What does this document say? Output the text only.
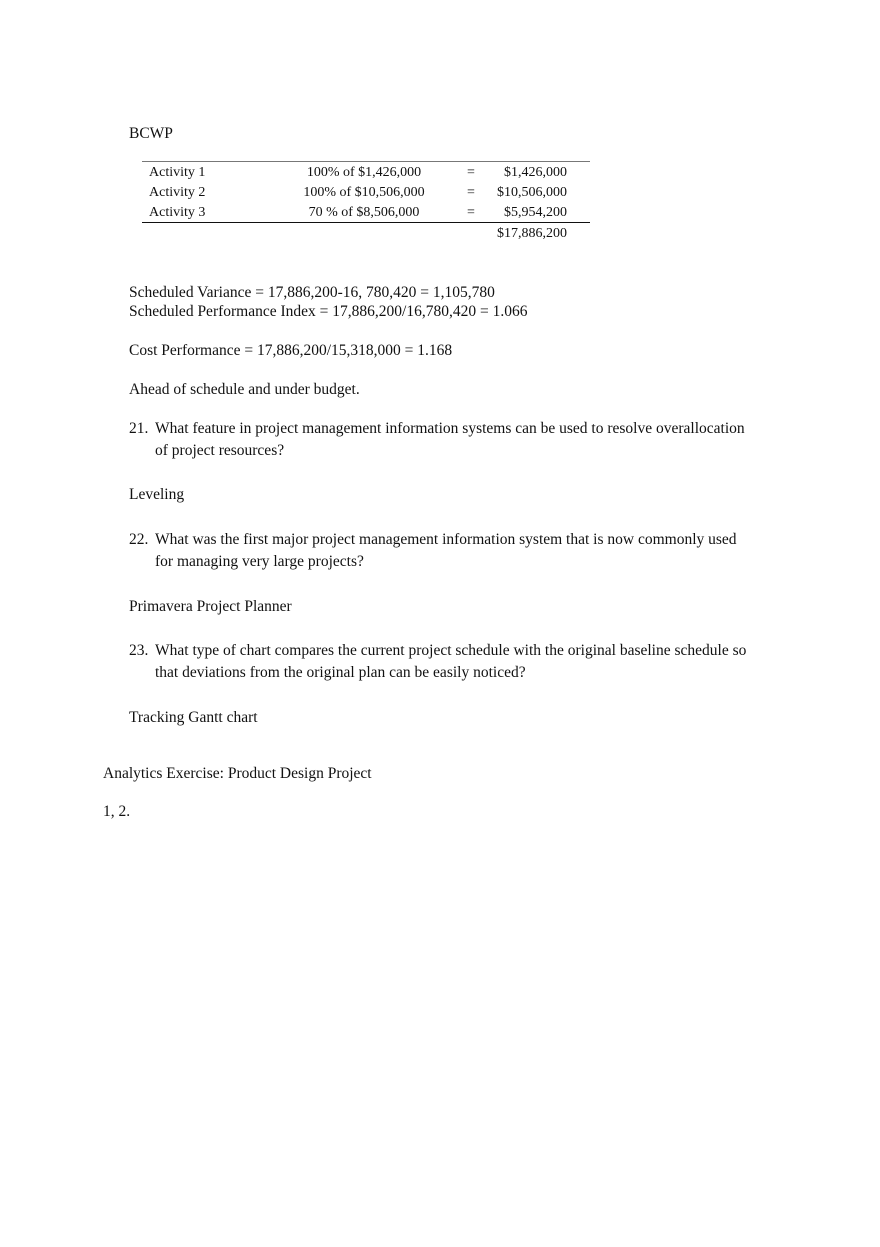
BCWP
Activity 1	100% of $1,426,000	= $1,426,000
Activity 2	100% of $10,506,000	= $10,506,000
Activity 3	70 % of $8,506,000	= $5,954,200
$17,886,200
Scheduled Variance = 17,886,200-16, 780,420 = 1,105,780
Scheduled Performance Index = 17,886,200/16,780,420 = 1.066
Cost Performance = 17,886,200/15,318,000 = 1.168
Ahead of schedule and under budget.
21. What feature in project management information systems can be used to resolve overallocation
of project resources?
Leveling
22. What was the first major project management information system that is now commonly used
for managing very large projects?
Primavera Project Planner
23. What type of chart compares the current project schedule with the original baseline schedule so
that deviations from the original plan can be easily noticed?
Tracking Gantt chart
Analytics Exercise: Product Design Project
1, 2.
